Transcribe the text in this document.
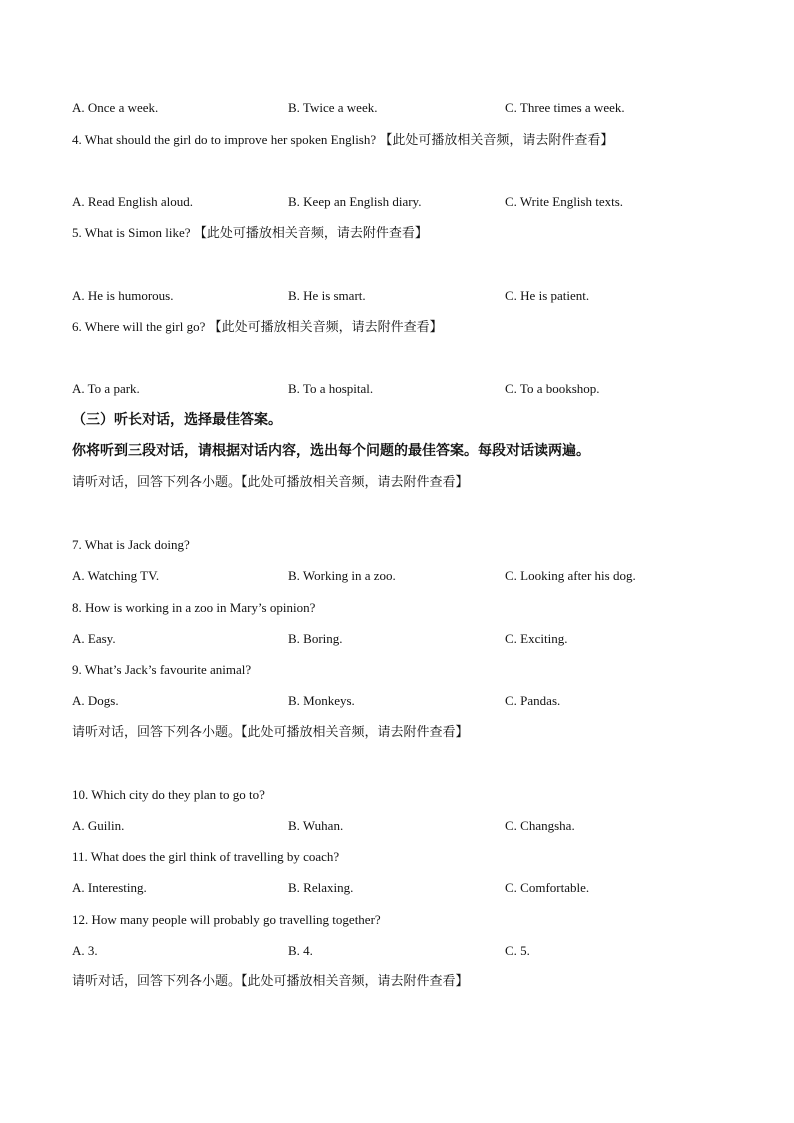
A. Once a week.	B. Twice a week.	C. Three times a week.
4. What should the girl do to improve her spoken English? 【此处可播放相关音频，请去附件查看】
A. Read English aloud.	B. Keep an English diary.	C. Write English texts.
5. What is Simon like? 【此处可播放相关音频，请去附件查看】
A. He is humorous.	B. He is smart.	C. He is patient.
6. Where will the girl go? 【此处可播放相关音频，请去附件查看】
A. To a park.	B. To a hospital.	C. To a bookshop.
（三）听长对话，选择最佳答案。
你将听到三段对话，请根据对话内容，选出每个问题的最佳答案。每段对话读两遍。
请听对话，回答下列各小题。【此处可播放相关音频，请去附件查看】
7. What is Jack doing?
A. Watching TV.	B. Working in a zoo.	C. Looking after his dog.
8. How is working in a zoo in Mary’s opinion?
A. Easy.	B. Boring.	C. Exciting.
9. What’s Jack’s favourite animal?
A. Dogs.	B. Monkeys.	C. Pandas.
请听对话，回答下列各小题。【此处可播放相关音频，请去附件查看】
10. Which city do they plan to go to?
A. Guilin.	B. Wuhan.	C. Changsha.
11. What does the girl think of travelling by coach?
A. Interesting.	B. Relaxing.	C. Comfortable.
12. How many people will probably go travelling together?
A. 3.	B. 4.	C. 5.
请听对话，回答下列各小题。【此处可播放相关音频，请去附件查看】
